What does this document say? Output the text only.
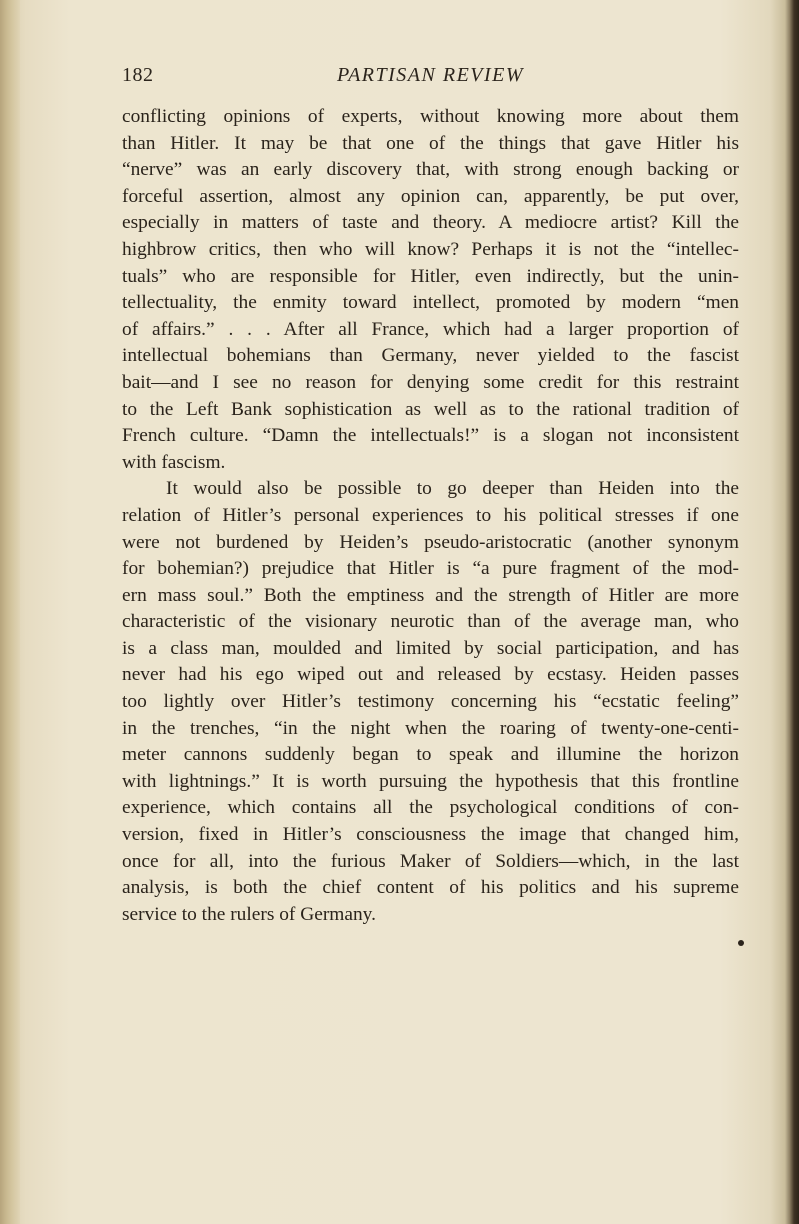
182	PARTISAN REVIEW

conflicting opinions of experts, without knowing more about them
than Hitler. It may be that one of the things that gave Hitler his
“nerve” was an early discovery that, with strong enough backing or
forceful assertion, almost any opinion can, apparently, be put over,
especially in matters of taste and theory. A mediocre artist? Kill the
highbrow critics, then who will know? Perhaps it is not the “intellec-
tuals” who are responsible for Hitler, even indirectly, but the unin-
tellectuality, the enmity toward intellect, promoted by modern “men
of affairs.” . . . After all France, which had a larger proportion of
intellectual bohemians than Germany, never yielded to the fascist
bait—and I see no reason for denying some credit for this restraint
to the Left Bank sophistication as well as to the rational tradition of
French culture. “Damn the intellectuals!” is a slogan not inconsistent
with fascism.

It would also be possible to go deeper than Heiden into the
relation of Hitler’s personal experiences to his political stresses if one
were not burdened by Heiden’s pseudo-aristocratic (another synonym
for bohemian?) prejudice that Hitler is “a pure fragment of the mod-
ern mass soul.” Both the emptiness and the strength of Hitler are more
characteristic of the visionary neurotic than of the average man, who
is a class man, moulded and limited by social participation, and has
never had his ego wiped out and released by ecstasy. Heiden passes
too lightly over Hitler’s testimony concerning his “ecstatic feeling”
in the trenches, “in the night when the roaring of twenty-one-centi-
meter cannons suddenly began to speak and illumine the horizon
with lightnings.” It is worth pursuing the hypothesis that this frontline
experience, which contains all the psychological conditions of con-
version, fixed in Hitler’s consciousness the image that changed him,
once for all, into the furious Maker of Soldiers—which, in the last
analysis, is both the chief content of his politics and his supreme
service to the rulers of Germany.
